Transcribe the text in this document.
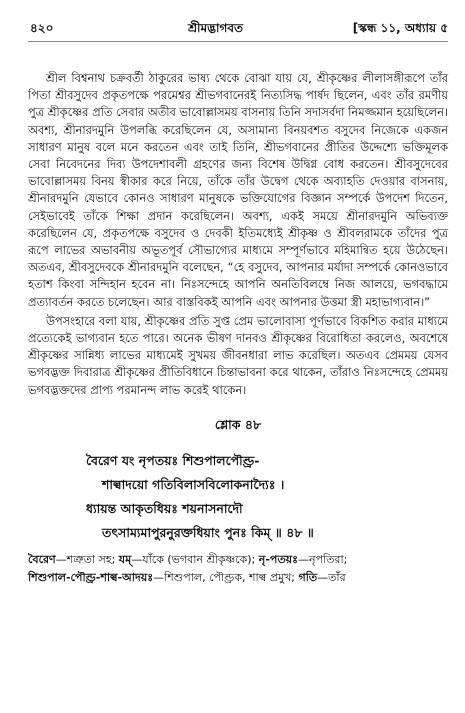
৪২০	শ্রীমদ্ভাগবত	[স্কন্ধ ১১, অধ্যায় ৫

শ্রীল বিশ্বনাথ চক্রবর্তী ঠাকুরের ভাষ্য থেকে বোঝা যায় যে, শ্রীকৃষ্ণের লীলাসঙ্গীরূপে তাঁর পিতা শ্রীবসুদেব প্রকৃতপক্ষে পরমেশ্বর শ্রীভগবানেরই নিত্যসিদ্ধ পার্ষদ ছিলেন, এবং তাঁর রমণীয় পুত্র শ্রীকৃষ্ণের প্রতি সেবার অতীব ভাবোল্লাসময় বাসনায় তিনি সদাসর্বদা নিমজ্জমান হয়েছিলেন। অবশ্য, শ্রীনারদমুনি উপলব্ধি করেছিলেন যে, অসামান্য বিনয়বশত বসুদেব নিজেকে একজন সাধারণ মানুষ বলে মনে করতেন এবং তাই তিনি, শ্রীভগবানের প্রীতির উদ্দেশ্যে ভক্তিমূলক সেবা নিবেদনের দিব্য উপদেশাবলী গ্রহণের জন্য বিশেষ উদ্বিগ্ন বোধ করতেন। শ্রীবসুদেবের ভাবোল্লাসময় বিনয় স্বীকার করে নিয়ে, তাঁকে তাঁর উদ্বেগ থেকে অব্যাহতি দেওয়ার বাসনায়, শ্রীনারদমুনি যেভাবে কোনও সাধারণ মানুষকে ভক্তিযোগের বিজ্ঞান সম্পর্কে উপদেশ দিতেন, সেইভাবেই তাঁকে শিক্ষা প্রদান করেছিলেন। অবশ্য, একই সময়ে শ্রীনারদমুনি অভিব্যক্ত করেছিলেন যে, প্রকৃতপক্ষে বসুদেব ও দেবকী ইতিমধ্যেই শ্রীকৃষ্ণ ও শ্রীবলরামকে তাঁদের পুত্র রূপে লাভের অভাবনীয় অভূতপূর্ব সৌভাগ্যের মাধ্যমে সম্পূর্ণভাবে মহিমান্বিত হয়ে উঠেছেন। অতএব, শ্রীবসুদেবকে শ্রীনারদমুনি বলেছেন, “হে বসুদেব, আপনার মর্যাদা সম্পর্কে কোনওভাবে হতাশ কিংবা সন্দিহান হবেন না। নিঃসন্দেহে আপনি অনতিবিলম্বে নিজ আলয়ে, ভগবদ্ধামে প্রত্যাবর্তন করতে চলেছেন। আর বাস্তবিকই আপনি এবং আপনার উত্তমা স্ত্রী মহাভাগ্যবান।”

উপসংহারে বলা যায়, শ্রীকৃষ্ণের প্রতি সুপ্ত প্রেম ভালোবাসা পূর্ণভাবে বিকশিত করার মাধ্যমে প্রত্যেকেই ভাগ্যবান হতে পারে। অনেক ভীষণ দানবও শ্রীকৃষ্ণের বিরোধিতা করলেও, অবশেষে শ্রীকৃষ্ণের সান্নিধ্য লাভের মাধ্যমেই সুখময় জীবনধারা লাভ করেছিল। অতএব প্রেমময় যেসব ভগবদ্ভক্ত দিবারাত্র শ্রীকৃষ্ণের প্রীতিবিধানে চিন্তাভাবনা করে থাকেন, তাঁরাও নিঃসন্দেহে প্রেমময় ভগবদ্ভক্তদের প্রাপ্য পরমানন্দ লাভ করেই থাকেন।

শ্লোক ৪৮
বৈরেণ যং নৃপতয়ঃ শিশুপালপৌণ্ড্র-
শাল্বাদয়ো গতিবিলাসবিলোকনাদ্যৈঃ ।
ধ্যায়ন্ত আকৃতধিয়ঃ শয়নাসনাদৌ
তৎসাম্যমাপুরনুরক্তধিয়াং পুনঃ কিম্ ॥ ৪৮ ॥
বৈরেণ—শত্রুতা সহ; যম্—যাঁকে (ভগবান শ্রীকৃষ্ণকে); নৃ-পতয়ঃ—নৃপতিরা;
শিশুপাল-পৌণ্ড্র-শাল্ব-আদয়ঃ—শিশুপাল, পৌণ্ড্রক, শাল্ব প্রমুখ; গতি—তাঁর
